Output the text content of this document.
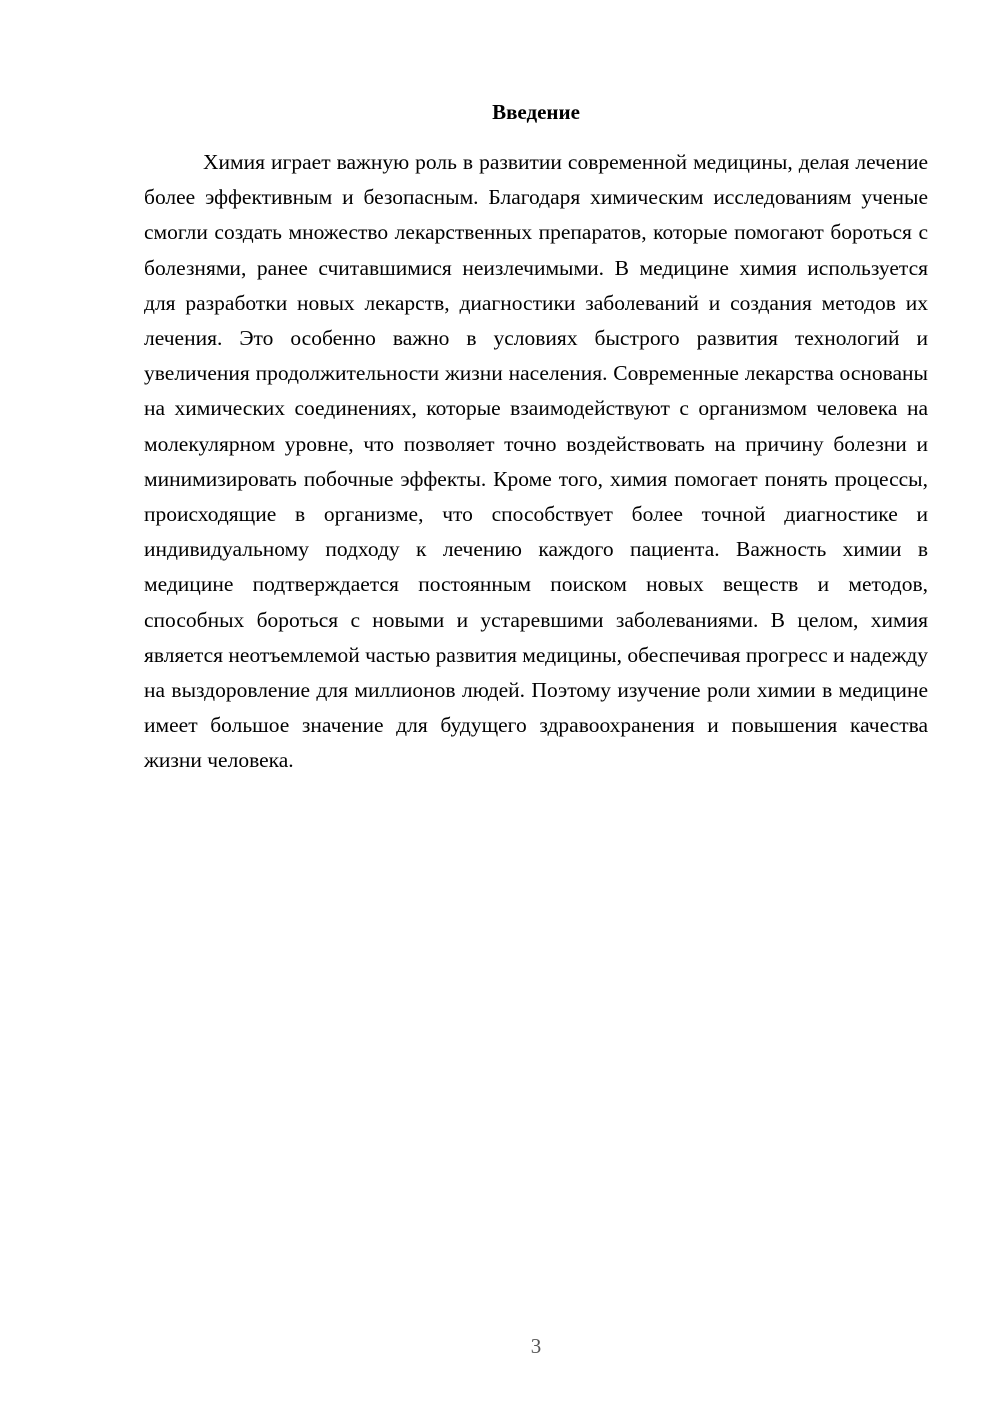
Введение

Химия играет важную роль в развитии современной медицины, делая лечение более эффективным и безопасным. Благодаря химическим исследованиям ученые смогли создать множество лекарственных препаратов, которые помогают бороться с болезнями, ранее считавшимися неизлечимыми. В медицине химия используется для разработки новых лекарств, диагностики заболеваний и создания методов их лечения. Это особенно важно в условиях быстрого развития технологий и увеличения продолжительности жизни населения. Современные лекарства основаны на химических соединениях, которые взаимодействуют с организмом человека на молекулярном уровне, что позволяет точно воздействовать на причину болезни и минимизировать побочные эффекты. Кроме того, химия помогает понять процессы, происходящие в организме, что способствует более точной диагностике и индивидуальному подходу к лечению каждого пациента. Важность химии в медицине подтверждается постоянным поиском новых веществ и методов, способных бороться с новыми и устаревшими заболеваниями. В целом, химия является неотъемлемой частью развития медицины, обеспечивая прогресс и надежду на выздоровление для миллионов людей. Поэтому изучение роли химии в медицине имеет большое значение для будущего здравоохранения и повышения качества жизни человека.

3
